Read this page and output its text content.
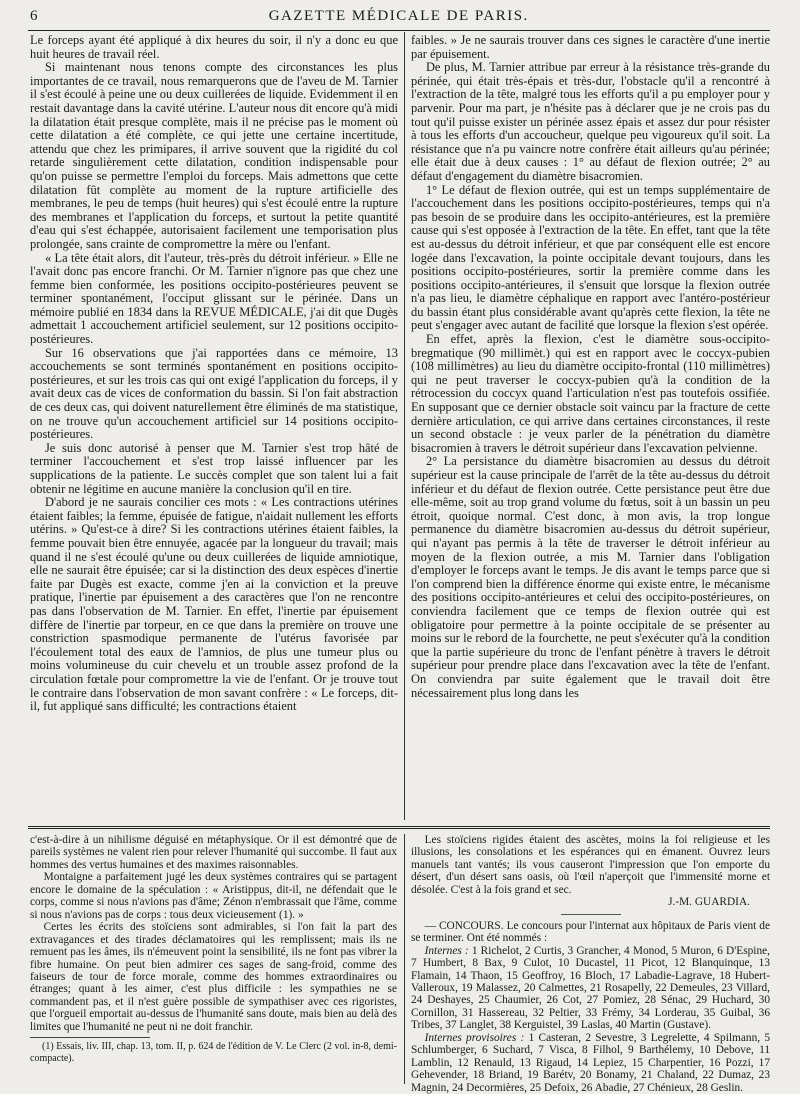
6	GAZETTE MÉDICALE DE PARIS.

Le forceps ayant été appliqué à dix heures du soir, il n'y a donc eu que huit heures de travail réel.

Si maintenant nous tenons compte des circonstances les plus importantes de ce travail, nous remarquerons que de l'aveu de M. Tarnier il s'est écoulé à peine une ou deux cuillerées de liquide. Evidemment il en restait davantage dans la cavité utérine. L'auteur nous dit encore qu'à midi la dilatation était presque complète, mais il ne précise pas le moment où cette dilatation a été complète, ce qui jette une certaine incertitude, attendu que chez les primipares, il arrive souvent que la rigidité du col retarde singulièrement cette dilatation, condition indispensable pour qu'on puisse se permettre l'emploi du forceps. Mais admettons que cette dilatation fût complète au moment de la rupture artificielle des membranes, le peu de temps (huit heures) qui s'est écoulé entre la rupture des membranes et l'application du forceps, et surtout la petite quantité d'eau qui s'est échappée, autorisaient facilement une temporisation plus prolongée, sans crainte de compromettre la mère ou l'enfant.

« La tête était alors, dit l'auteur, très-près du détroit inférieur. » Elle ne l'avait donc pas encore franchi. Or M. Tarnier n'ignore pas que chez une femme bien conformée, les positions occipito-postérieures peuvent se terminer spontanément, l'occiput glissant sur le périnée. Dans un mémoire publié en 1834 dans la REVUE MÉDICALE, j'ai dit que Dugès admettait 1 accouchement artificiel seulement, sur 12 positions occipito-postérieures.

Sur 16 observations que j'ai rapportées dans ce mémoire, 13 accouchements se sont terminés spontanément en positions occipito-postérieures, et sur les trois cas qui ont exigé l'application du forceps, il y avait deux cas de vices de conformation du bassin. Si l'on fait abstraction de ces deux cas, qui doivent naturellement être éliminés de ma statistique, on ne trouve qu'un accouchement artificiel sur 14 positions occipito-postérieures.

Je suis donc autorisé à penser que M. Tarnier s'est trop hâté de terminer l'accouchement et s'est trop laissé influencer par les supplications de la patiente. Le succès complet que son talent lui a fait obtenir ne légitime en aucune manière la conclusion qu'il en tire.

D'abord je ne saurais concilier ces mots : « Les contractions utérines étaient faibles; la femme, épuisée de fatigue, n'aidait nullement les efforts utérins. » Qu'est-ce à dire? Si les contractions utérines étaient faibles, la femme pouvait bien être ennuyée, agacée par la longueur du travail; mais quand il ne s'est écoulé qu'une ou deux cuillerées de liquide amniotique, elle ne saurait être épuisée; car si la distinction des deux espèces d'inertie faite par Dugès est exacte, comme j'en ai la conviction et la preuve pratique, l'inertie par épuisement a des caractères que l'on ne rencontre pas dans l'observation de M. Tarnier. En effet, l'inertie par épuisement diffère de l'inertie par torpeur, en ce que dans la première on trouve une constriction spasmodique permanente de l'utérus favorisée par l'écoulement total des eaux de l'amnios, de plus une tumeur plus ou moins volumineuse du cuir chevelu et un trouble assez profond de la circulation fœtale pour compromettre la vie de l'enfant. Or je trouve tout le contraire dans l'observation de mon savant confrère : « Le forceps, dit-il, fut appliqué sans difficulté; les contractions étaient

faibles. » Je ne saurais trouver dans ces signes le caractère d'une inertie par épuisement.

De plus, M. Tarnier attribue par erreur à la résistance très-grande du périnée, qui était très-épais et très-dur, l'obstacle qu'il a rencontré à l'extraction de la tête, malgré tous les efforts qu'il a pu employer pour y parvenir. Pour ma part, je n'hésite pas à déclarer que je ne crois pas du tout qu'il puisse exister un périnée assez épais et assez dur pour résister à tous les efforts d'un accoucheur, quelque peu vigoureux qu'il soit. La résistance que n'a pu vaincre notre confrère était ailleurs qu'au périnée; elle était due à deux causes : 1° au défaut de flexion outrée; 2° au défaut d'engagement du diamètre bisacromien.

1° Le défaut de flexion outrée, qui est un temps supplémentaire de l'accouchement dans les positions occipito-postérieures, temps qui n'a pas besoin de se produire dans les occipito-antérieures, est la première cause qui s'est opposée à l'extraction de la tête. En effet, tant que la tête est au-dessus du détroit inférieur, et que par conséquent elle est encore logée dans l'excavation, la pointe occipitale devant toujours, dans les positions occipito-postérieures, sortir la première comme dans les positions occipito-antérieures, il s'ensuit que lorsque la flexion outrée n'a pas lieu, le diamètre céphalique en rapport avec l'antéro-postérieur du bassin étant plus considérable avant qu'après cette flexion, la tête ne peut s'engager avec autant de facilité que lorsque la flexion s'est opérée.

En effet, après la flexion, c'est le diamètre sous-occipito-bregmatique (90 millimèt.) qui est en rapport avec le coccyx-pubien (108 millimètres) au lieu du diamètre occipito-frontal (110 millimètres) qui ne peut traverser le coccyx-pubien qu'à la condition de la rétrocession du coccyx quand l'articulation n'est pas toutefois ossifiée. En supposant que ce dernier obstacle soit vaincu par la fracture de cette dernière articulation, ce qui arrive dans certaines circonstances, il reste un second obstacle : je veux parler de la pénétration du diamètre bisacromien à travers le détroit supérieur dans l'excavation pelvienne.

2° La persistance du diamètre bisacromien au dessus du détroit supérieur est la cause principale de l'arrêt de la tête au-dessus du détroit inférieur et du défaut de flexion outrée. Cette persistance peut être due elle-même, soit au trop grand volume du fœtus, soit à un bassin un peu étroit, quoique normal. C'est donc, à mon avis, la trop longue permanence du diamètre bisacromien au-dessus du détroit supérieur, qui n'ayant pas permis à la tête de traverser le détroit inférieur au moyen de la flexion outrée, a mis M. Tarnier dans l'obligation d'employer le forceps avant le temps. Je dis avant le temps parce que si l'on comprend bien la différence énorme qui existe entre, le mécanisme des positions occipito-antérieures et celui des occipito-postérieures, on conviendra facilement que ce temps de flexion outrée qui est obligatoire pour permettre à la pointe occipitale de se présenter au moins sur le rebord de la fourchette, ne peut s'exécuter qu'à la condition que la partie supérieure du tronc de l'enfant pénètre à travers le détroit supérieur pour prendre place dans l'excavation avec la tête de l'enfant. On conviendra par suite également que le travail doit être nécessairement plus long dans les

c'est-à-dire à un nihilisme déguisé en métaphysique. Or il est démontré que de pareils systèmes ne valent rien pour relever l'humanité qui succombe. Il faut aux hommes des vertus humaines et des maximes raisonnables.

Montaigne a parfaitement jugé les deux systèmes contraires qui se partagent encore le domaine de la spéculation : « Aristippus, dit-il, ne défendait que le corps, comme si nous n'avions pas d'âme; Zénon n'embrassait que l'âme, comme si nous n'avions pas de corps : tous deux vicieusement (1). »

Certes les écrits des stoïciens sont admirables, si l'on fait la part des extravagances et des tirades déclamatoires qui les remplissent; mais ils ne remuent pas les âmes, ils n'émeuvent point la sensibilité, ils ne font pas vibrer la fibre humaine. On peut bien admirer ces sages de sang-froid, comme des faiseurs de tour de force morale, comme des hommes extraordinaires ou étranges; quant à les aimer, c'est plus difficile : les sympathies ne se commandent pas, et il n'est guère possible de sympathiser avec ces rigoristes, que l'orgueil emportait au-dessus de l'humanité sans doute, mais bien au delà des limites que l'humanité ne peut ni ne doit franchir.

(1) Essais, liv. III, chap. 13, tom. II, p. 624 de l'édition de V. Le Clerc (2 vol. in-8, demi-compacte).

Les stoïciens rigides étaient des ascètes, moins la foi religieuse et les illusions, les consolations et les espérances qui en émanent. Ouvrez leurs manuels tant vantés; ils vous causeront l'impression que l'on emporte du désert, d'un désert sans oasis, où l'œil n'aperçoit que l'immensité morne et désolée. C'est à la fois grand et sec.

J.-M. GUARDIA.

— CONCOURS. Le concours pour l'internat aux hôpitaux de Paris vient de se terminer. Ont été nommés :

Internes : 1 Richelot, 2 Curtis, 3 Grancher, 4 Monod, 5 Muron, 6 D'Espine, 7 Humbert, 8 Bax, 9 Culot, 10 Ducastel, 11 Picot, 12 Blanquinque, 13 Flamain, 14 Thaon, 15 Geoffroy, 16 Bloch, 17 Labadie-Lagrave, 18 Hubert-Valleroux, 19 Malassez, 20 Calmettes, 21 Rosapelly, 22 Demeules, 23 Villard, 24 Deshayes, 25 Chaumier, 26 Cot, 27 Pomiez, 28 Sénac, 29 Huchard, 30 Cornillon, 31 Hassereau, 32 Peltier, 33 Frémy, 34 Lorderau, 35 Guibal, 36 Tribes, 37 Langlet, 38 Kerguistel, 39 Laslas, 40 Martin (Gustave).

Internes provisoires : 1 Casteran, 2 Sevestre, 3 Legrelette, 4 Spilmann, 5 Schlumberger, 6 Suchard, 7 Visca, 8 Filhol, 9 Barthélemy, 10 Debove, 11 Lamblin, 12 Renauld, 13 Rigaud, 14 Lepiez, 15 Charpentier, 16 Pozzi, 17 Gehevender, 18 Briand, 19 Barétv, 20 Bonamy, 21 Chaland, 22 Dumaz, 23 Magnin, 24 Decormières, 25 Defoix, 26 Abadie, 27 Chénieux, 28 Geslin.
